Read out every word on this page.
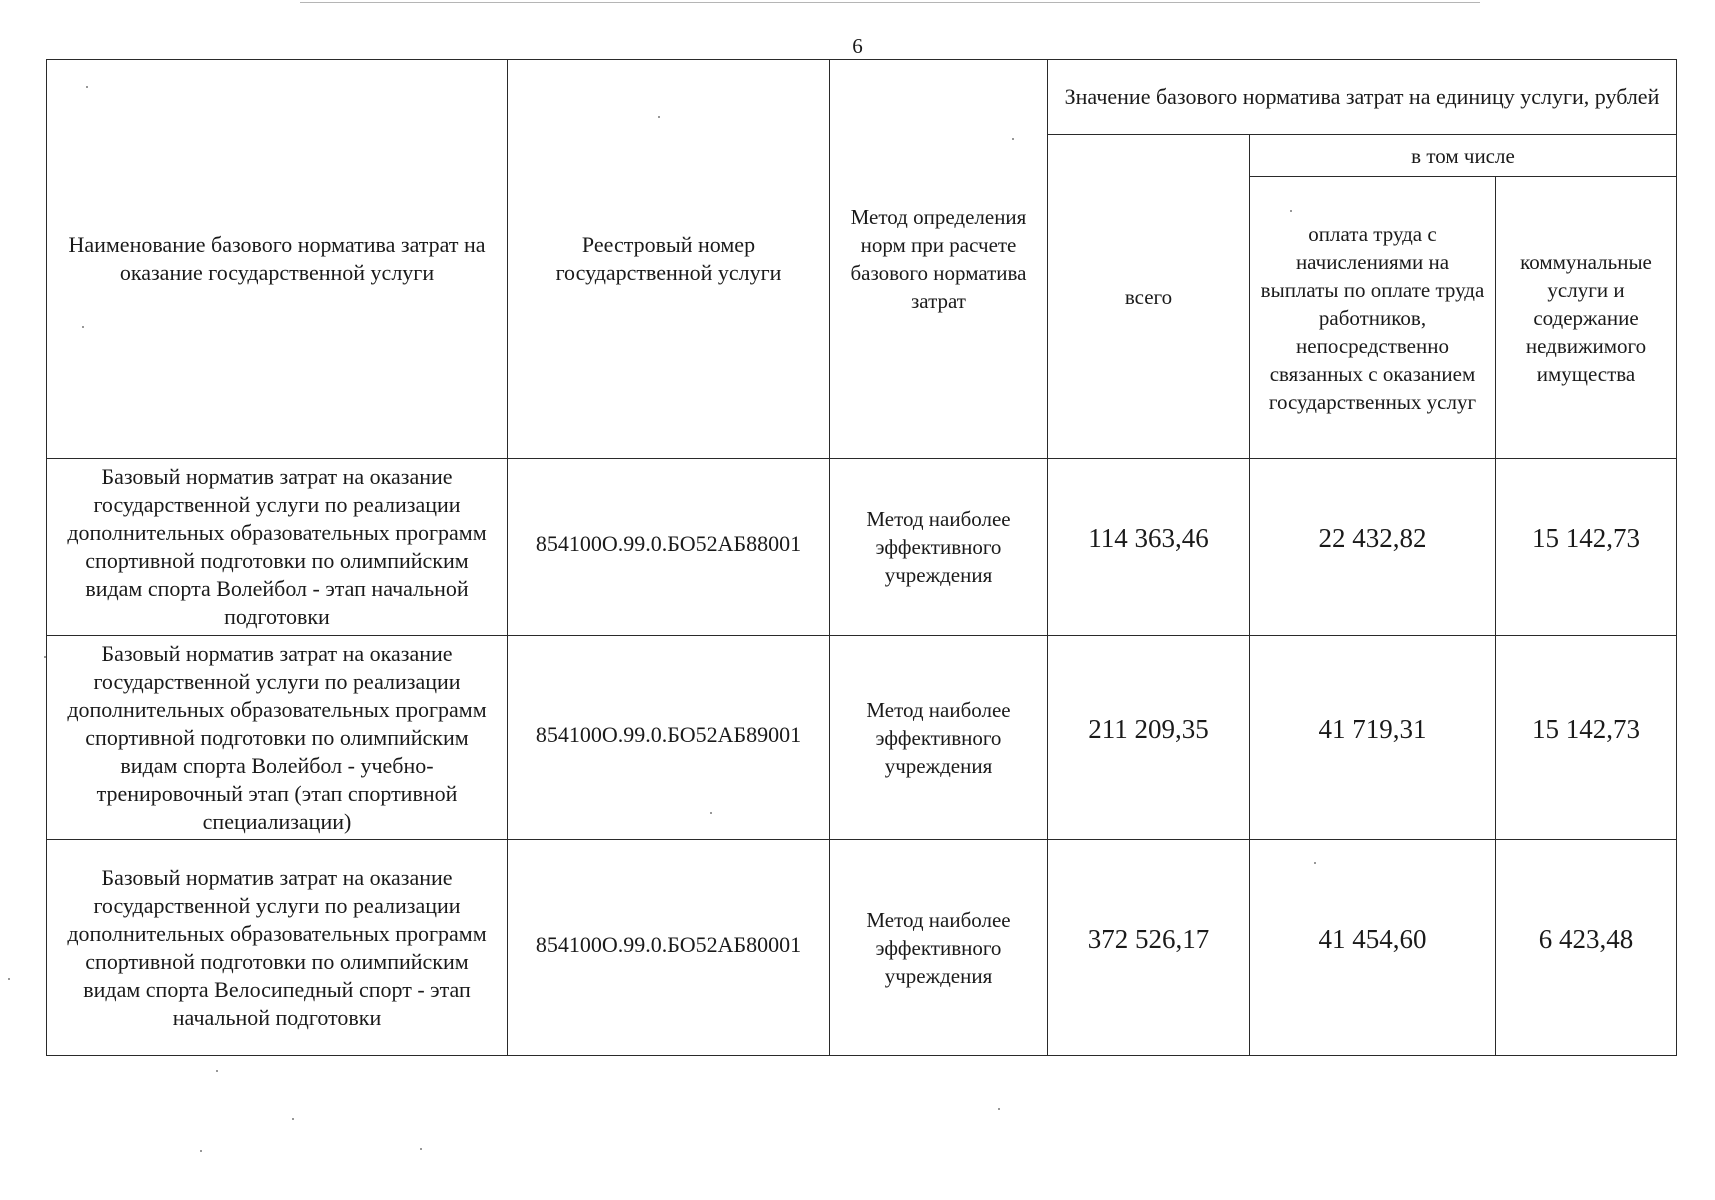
6
Наименование базового норматива затрат на оказание государственной услуги	Реестровый номер государственной услуги	Метод определения норм при расчете базового норматива затрат	Значение базового норматива затрат на единицу услуги, рублей		
			всего	в том числе	
				оплата труда с начислениями на выплаты по оплате труда работников, непосредственно связанных с оказанием государственных услуг	коммунальные услуги и содержание недвижимого имущества
Базовый норматив затрат на оказание государственной услуги по реализации дополнительных образовательных программ спортивной подготовки по олимпийским видам спорта Волейбол - этап начальной подготовки	854100О.99.0.БО52АБ88001	Метод наиболее эффективного учреждения	114 363,46	22 432,82	15 142,73
Базовый норматив затрат на оказание государственной услуги по реализации дополнительных образовательных программ спортивной подготовки по олимпийским видам спорта Волейбол - учебно-тренировочный этап (этап спортивной специализации)	854100О.99.0.БО52АБ89001	Метод наиболее эффективного учреждения	211 209,35	41 719,31	15 142,73
Базовый норматив затрат на оказание государственной услуги по реализации дополнительных образовательных программ спортивной подготовки по олимпийским видам спорта Велосипедный спорт - этап начальной подготовки	854100О.99.0.БО52АБ80001	Метод наиболее эффективного учреждения	372 526,17	41 454,60	6 423,48
